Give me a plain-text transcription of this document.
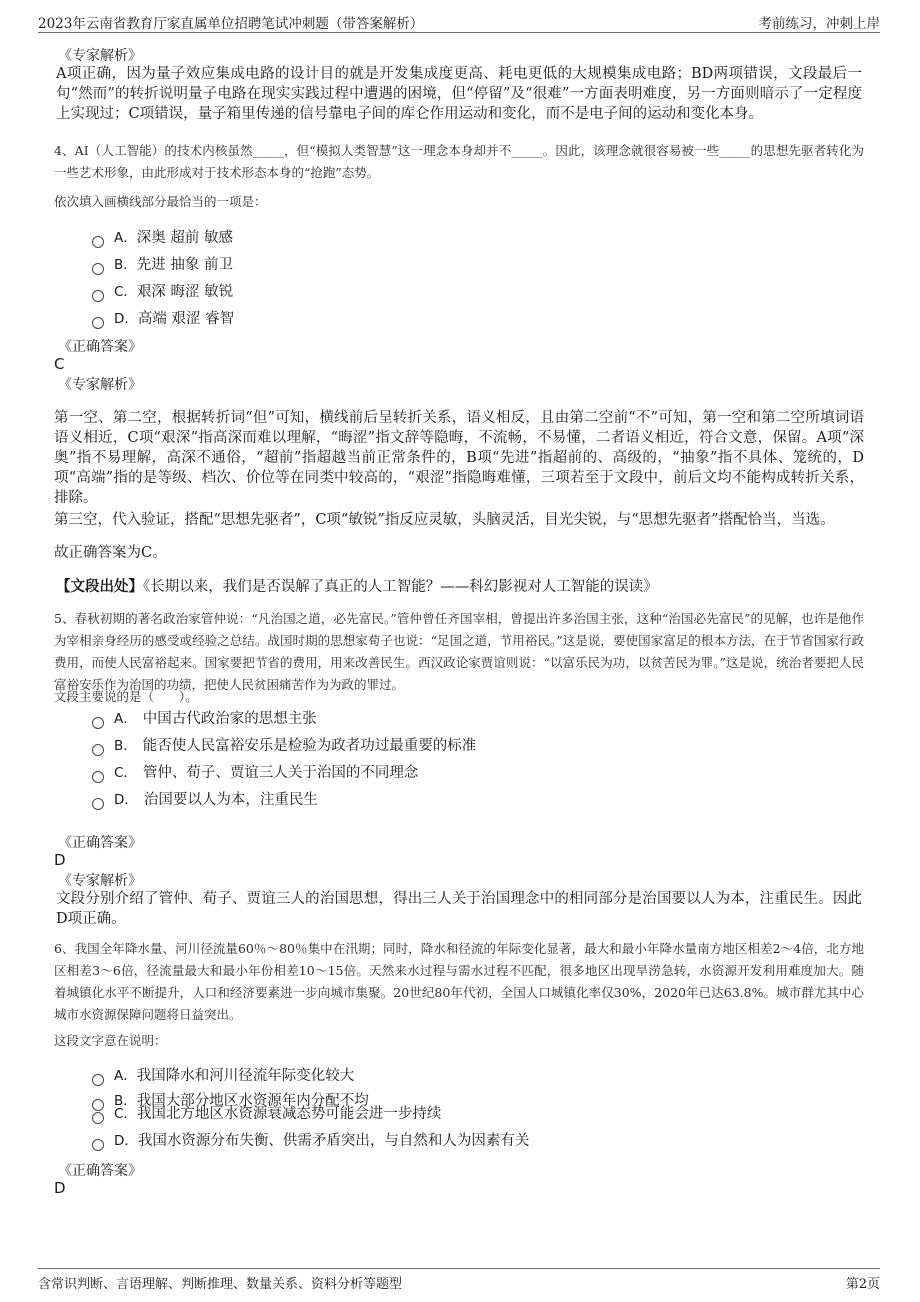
2023年云南省教育厅家直属单位招聘笔试冲刺题（带答案解析）	考前练习，冲刺上岸
《专家解析》
A项正确，因为量子效应集成电路的设计目的就是开发集成度更高、耗电更低的大规模集成电路；BD两项错误，文段最后一句“然而”的转折说明量子电路在现实实践过程中遭遇的困境，但“停留”及“很难”一方面表明难度，另一方面则暗示了一定程度上实现过；C项错误，量子箱里传递的信号靠电子间的库仑作用运动和变化，而不是电子间的运动和变化本身。
4、AI（人工智能）的技术内核虽然_____，但“模拟人类智慧”这一理念本身却并不_____。因此，该理念就很容易被一些_____的思想先驱者转化为一些艺术形象，由此形成对于技术形态本身的“抢跑”态势。
依次填入画横线部分最恰当的一项是：
A．深奥 超前 敏感
B．先进 抽象 前卫
C．艰深 晦涩 敏锐
D．高端 艰涩 睿智
《正确答案》
C
《专家解析》
第一空、第二空，根据转折词“但”可知，横线前后呈转折关系，语义相反，且由第二空前“不”可知，第一空和第二空所填词语语义相近，C项“艰深”指高深而难以理解，“晦涩”指文辞等隐晦，不流畅，不易懂，二者语义相近，符合文意，保留。A项“深奥”指不易理解，高深不通俗，“超前”指超越当前正常条件的，B项“先进”指超前的、高级的，“抽象”指不具体、笼统的，D项“高端”指的是等级、档次、价位等在同类中较高的，“艰涩”指隐晦难懂，三项若至于文段中，前后文均不能构成转折关系，排除。
第三空，代入验证，搭配“思想先驱者”，C项“敏锐”指反应灵敏，头脑灵活，目光尖锐，与“思想先驱者”搭配恰当，当选。
故正确答案为C。
【文段出处】《长期以来，我们是否误解了真正的人工智能？——科幻影视对人工智能的误读》
5、春秋初期的著名政治家管仲说：“凡治国之道，必先富民。”管仲曾任齐国宰相，曾提出许多治国主张，这种“治国必先富民”的见解，也许是他作为宰相亲身经历的感受或经验之总结。战国时期的思想家荀子也说：“足国之道，节用裕民。”这是说，要使国家富足的根本方法，在于节省国家行政费用，而使人民富裕起来。国家要把节省的费用，用来改善民生。西汉政论家贾谊则说：“以富乐民为功，以贫苦民为罪。”这是说，统治者要把人民富裕安乐作为治国的功绩，把使人民贫困痛苦作为为政的罪过。
文段主要说的是（　　）。
A． 中国古代政治家的思想主张
B． 能否使人民富裕安乐是检验为政者功过最重要的标准
C． 管仲、荀子、贾谊三人关于治国的不同理念
D． 治国要以人为本，注重民生
《正确答案》
D
《专家解析》
文段分别介绍了管仲、荀子、贾谊三人的治国思想，得出三人关于治国理念中的相同部分是治国要以人为本，注重民生。因此D项正确。
6、我国全年降水量、河川径流量60％～80％集中在汛期；同时，降水和径流的年际变化显著，最大和最小年降水量南方地区相差2～4倍，北方地区相差3～6倍，径流量最大和最小年份相差10～15倍。天然来水过程与需水过程不匹配，很多地区出现旱涝急转，水资源开发利用难度加大。随着城镇化水平不断提升，人口和经济要素进一步向城市集聚。20世纪80年代初，全国人口城镇化率仅30%，2020年已达63.8%。城市群尤其中心城市水资源保障问题将日益突出。
这段文字意在说明：
A．我国降水和河川径流年际变化较大
B．我国大部分地区水资源年内分配不均
C．我国北方地区水资源衰减态势可能会进一步持续
D．我国水资源分布失衡、供需矛盾突出，与自然和人为因素有关
《正确答案》
D
含常识判断、言语理解、判断推理、数量关系、资料分析等题型	第2页
